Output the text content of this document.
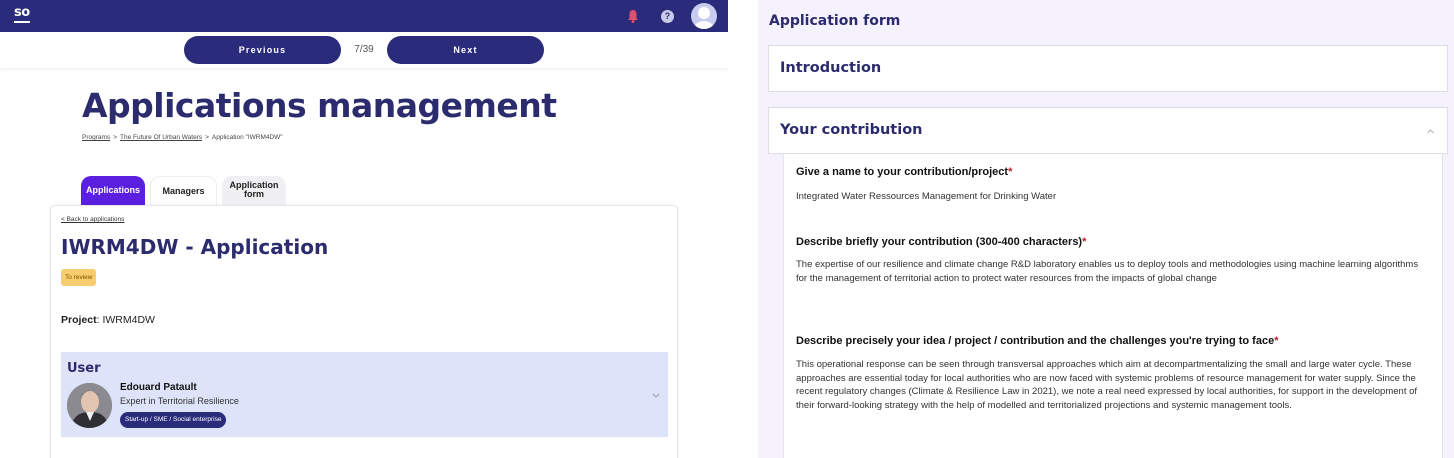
so	?
Previous	7/39	Next
Applications management
Programs > The Future Of Urban Waters > Application "IWRM4DW"
Applications	Managers
Application form
< Back to applications
IWRM4DW - Application
To review
Project: IWRM4DW
User
Edouard Patault
Expert in Territorial Resilience
Start-up / SME / Social enterprise
Application form
Introduction
Your contribution
Give a name to your contribution/project*
Integrated Water Ressources Management for Drinking Water
Describe briefly your contribution (300-400 characters)*
The expertise of our resilience and climate change R&D laboratory enables us to deploy tools and methodologies using machine learning algorithms for the management of territorial action to protect water resources from the impacts of global change
Describe precisely your idea / project / contribution and the challenges you're trying to face*
This operational response can be seen through transversal approaches which aim at decompartmentalizing the small and large water cycle. These approaches are essential today for local authorities who are now faced with systemic problems of resource management for water supply. Since the recent regulatory changes (Climate & Resilience Law in 2021), we note a real need expressed by local authorities, for support in the development of their forward-looking strategy with the help of modelled and territorialized projections and systemic management tools.
